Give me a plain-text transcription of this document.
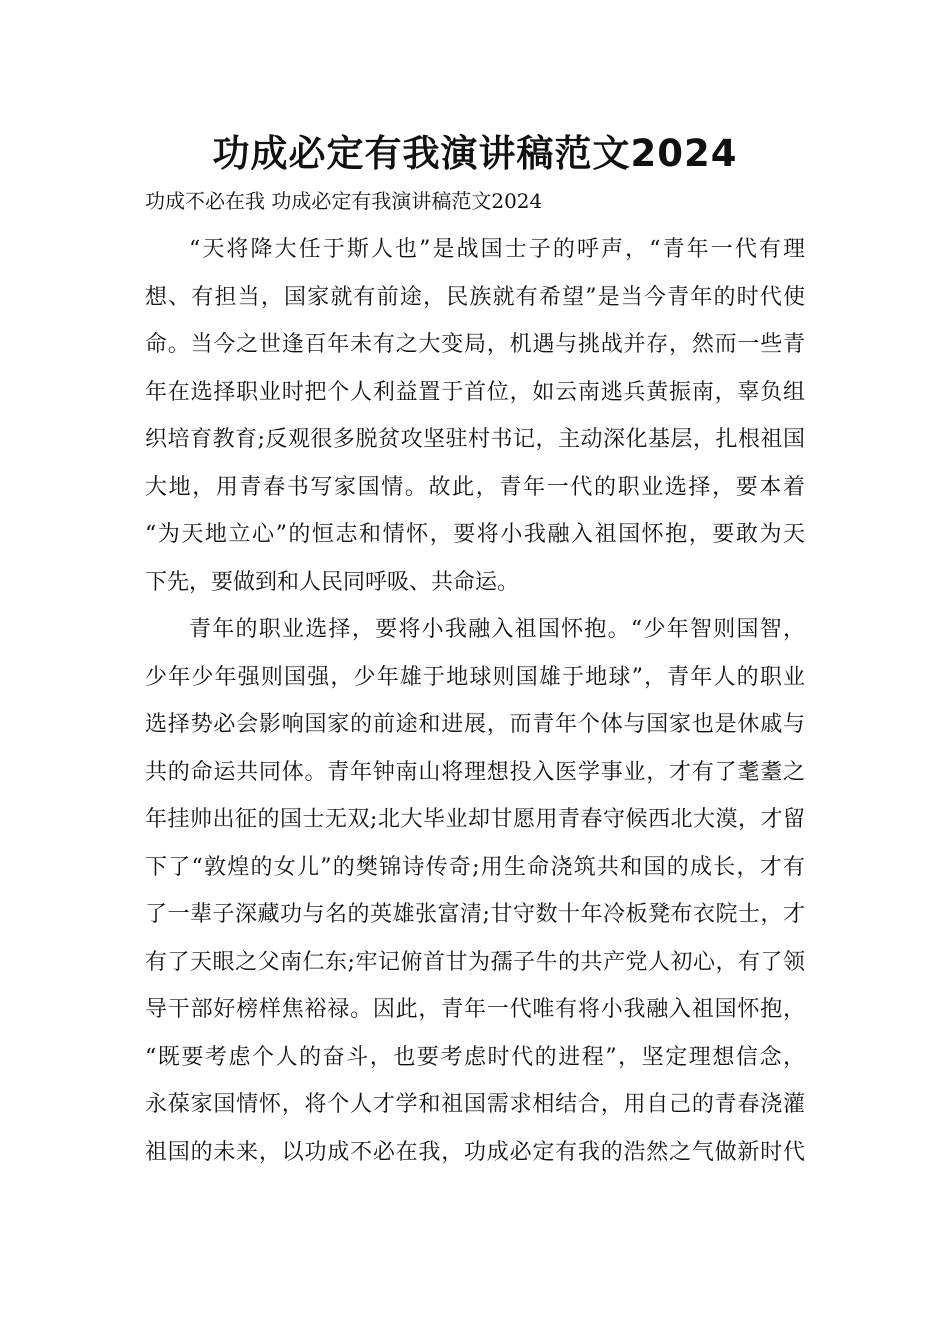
功成必定有我演讲稿范文2024

功成不必在我 功成必定有我演讲稿范文2024

“天将降大任于斯人也”是战国士子的呼声，“青年一代有理
想、有担当，国家就有前途，民族就有希望”是当今青年的时代使
命。当今之世逢百年未有之大变局，机遇与挑战并存，然而一些青
年在选择职业时把个人利益置于首位，如云南逃兵黄振南，辜负组
织培育教育;反观很多脱贫攻坚驻村书记，主动深化基层，扎根祖国
大地，用青春书写家国情。故此，青年一代的职业选择，要本着
“为天地立心”的恒志和情怀，要将小我融入祖国怀抱，要敢为天
下先，要做到和人民同呼吸、共命运。
青年的职业选择，要将小我融入祖国怀抱。“少年智则国智，
少年少年强则国强，少年雄于地球则国雄于地球”，青年人的职业
选择势必会影响国家的前途和进展，而青年个体与国家也是休戚与
共的命运共同体。青年钟南山将理想投入医学事业，才有了耄耋之
年挂帅出征的国士无双;北大毕业却甘愿用青春守候西北大漠，才留
下了“敦煌的女儿”的樊锦诗传奇;用生命浇筑共和国的成长，才有
了一辈子深藏功与名的英雄张富清;甘守数十年冷板凳布衣院士，才
有了天眼之父南仁东;牢记俯首甘为孺子牛的共产党人初心，有了领
导干部好榜样焦裕禄。因此，青年一代唯有将小我融入祖国怀抱，
“既要考虑个人的奋斗，也要考虑时代的进程”，坚定理想信念，
永葆家国情怀，将个人才学和祖国需求相结合，用自己的青春浇灌
祖国的未来，以功成不必在我，功成必定有我的浩然之气做新时代
